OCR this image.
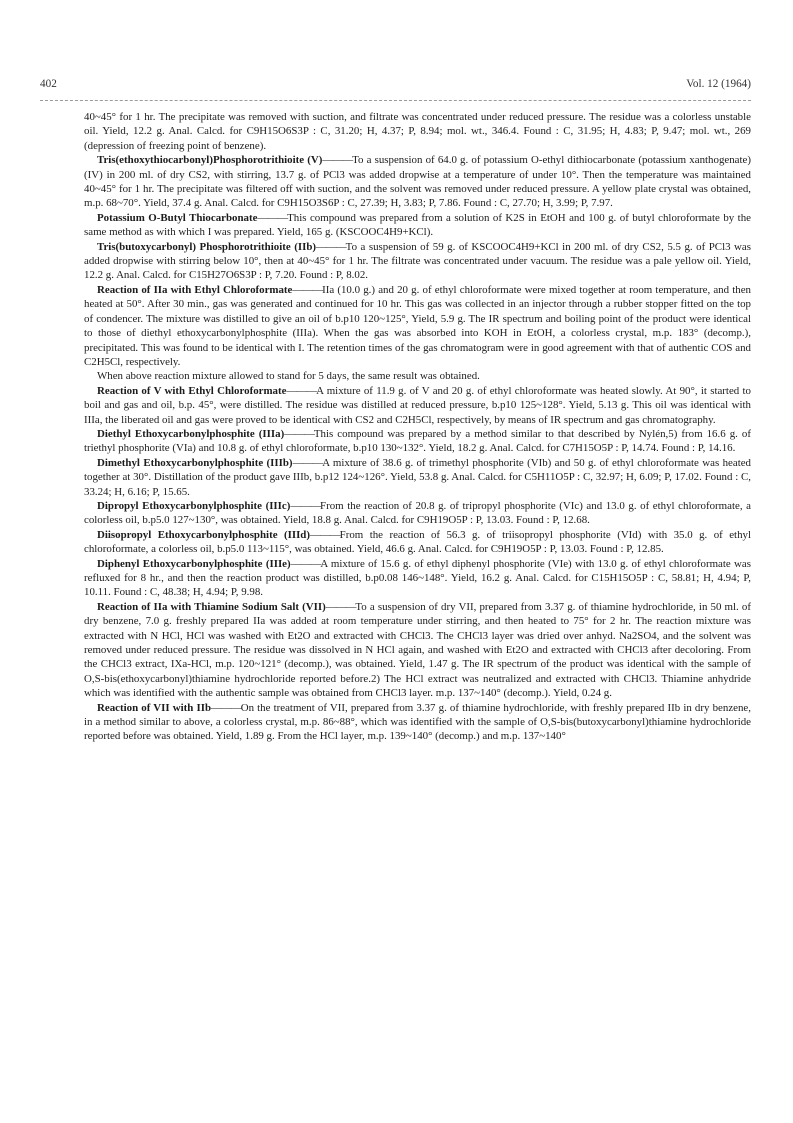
402	Vol. 12 (1964)

40~45° for 1 hr. The precipitate was removed with suction, and filtrate was concentrated under reduced pressure. The residue was a colorless unstable oil. Yield, 12.2 g. Anal. Calcd. for C9H15O6S3P : C, 31.20; H, 4.37; P, 8.94; mol. wt., 346.4. Found : C, 31.95; H, 4.83; P, 9.47; mol. wt., 269 (depression of freezing point of benzene).

Tris(ethoxythiocarbonyl)Phosphorotrithioite (V)———To a suspension of 64.0 g. of potassium O-ethyl dithiocarbonate (potassium xanthogenate) (IV) in 200 ml. of dry CS2, with stirring, 13.7 g. of PCl3 was added dropwise at a temperature of under 10°. Then the temperature was maintained 40~45° for 1 hr. The precipitate was filtered off with suction, and the solvent was removed under reduced pressure. A yellow plate crystal was obtained, m.p. 68~70°. Yield, 37.4 g. Anal. Calcd. for C9H15O3S6P : C, 27.39; H, 3.83; P, 7.86. Found : C, 27.70; H, 3.99; P, 7.97.

Potassium O-Butyl Thiocarbonate———This compound was prepared from a solution of K2S in EtOH and 100 g. of butyl chloroformate by the same method as with which I was prepared. Yield, 165 g. (KSCOOC4H9+KCl).

Tris(butoxycarbonyl) Phosphorotrithioite (IIb)———To a suspension of 59 g. of KSCOOC4H9+KCl in 200 ml. of dry CS2, 5.5 g. of PCl3 was added dropwise with stirring below 10°, then at 40~45° for 1 hr. The filtrate was concentrated under vacuum. The residue was a pale yellow oil. Yield, 12.2 g. Anal. Calcd. for C15H27O6S3P : P, 7.20. Found : P, 8.02.

Reaction of IIa with Ethyl Chloroformate———IIa (10.0 g.) and 20 g. of ethyl chloroformate were mixed together at room temperature, and then heated at 50°. After 30 min., gas was generated and continued for 10 hr. This gas was collected in an injector through a rubber stopper fitted on the top of condencer. The mixture was distilled to give an oil of b.p10 120~125°, Yield, 5.9 g. The IR spectrum and boiling point of the product were identical to those of diethyl ethoxycarbonylphosphite (IIIa). When the gas was absorbed into KOH in EtOH, a colorless crystal, m.p. 183° (decomp.), precipitated. This was found to be identical with I. The retention times of the gas chromatogram were in good agreement with that of authentic COS and C2H5Cl, respectively.

When above reaction mixture allowed to stand for 5 days, the same result was obtained.

Reaction of V with Ethyl Chloroformate———A mixture of 11.9 g. of V and 20 g. of ethyl chloroformate was heated slowly. At 90°, it started to boil and gas and oil, b.p. 45°, were distilled. The residue was distilled at reduced pressure, b.p10 125~128°. Yield, 5.13 g. This oil was identical with IIIa, the liberated oil and gas were proved to be identical with CS2 and C2H5Cl, respectively, by means of IR spectrum and gas chromatography.

Diethyl Ethoxycarbonylphosphite (IIIa)———This compound was prepared by a method similar to that described by Nylén,5) from 16.6 g. of triethyl phosphorite (VIa) and 10.8 g. of ethyl chloroformate, b.p10 130~132°. Yield, 18.2 g. Anal. Calcd. for C7H15O5P : P, 14.74. Found : P, 14.16.

Dimethyl Ethoxycarbonylphosphite (IIIb)———A mixture of 38.6 g. of trimethyl phosphorite (VIb) and 50 g. of ethyl chloroformate was heated together at 30°. Distillation of the product gave IIIb, b.p12 124~126°. Yield, 53.8 g. Anal. Calcd. for C5H11O5P : C, 32.97; H, 6.09; P, 17.02. Found : C, 33.24; H, 6.16; P, 15.65.

Dipropyl Ethoxycarbonylphosphite (IIIc)———From the reaction of 20.8 g. of tripropyl phosphorite (VIc) and 13.0 g. of ethyl chloroformate, a colorless oil, b.p5.0 127~130°, was obtained. Yield, 18.8 g. Anal. Calcd. for C9H19O5P : P, 13.03. Found : P, 12.68.

Diisopropyl Ethoxycarbonylphosphite (IIId)———From the reaction of 56.3 g. of triisopropyl phosphorite (VId) with 35.0 g. of ethyl chloroformate, a colorless oil, b.p5.0 113~115°, was obtained. Yield, 46.6 g. Anal. Calcd. for C9H19O5P : P, 13.03. Found : P, 12.85.

Diphenyl Ethoxycarbonylphosphite (IIIe)———A mixture of 15.6 g. of ethyl diphenyl phosphorite (VIe) with 13.0 g. of ethyl chloroformate was refluxed for 8 hr., and then the reaction product was distilled, b.p0.08 146~148°. Yield, 16.2 g. Anal. Calcd. for C15H15O5P : C, 58.81; H, 4.94; P, 10.11. Found : C, 48.38; H, 4.94; P, 9.98.

Reaction of IIa with Thiamine Sodium Salt (VII)———To a suspension of dry VII, prepared from 3.37 g. of thiamine hydrochloride, in 50 ml. of dry benzene, 7.0 g. freshly prepared IIa was added at room temperature under stirring, and then heated to 75° for 2 hr. The reaction mixture was extracted with N HCl, HCl was washed with Et2O and extracted with CHCl3. The CHCl3 layer was dried over anhyd. Na2SO4, and the solvent was removed under reduced pressure. The residue was dissolved in N HCl again, and washed with Et2O and extracted with CHCl3 after decoloring. From the CHCl3 extract, IXa-HCl, m.p. 120~121° (decomp.), was obtained. Yield, 1.47 g. The IR spectrum of the product was identical with the sample of O,S-bis(ethoxycarbonyl)thiamine hydrochloride reported before.2) The HCl extract was neutralized and extracted with CHCl3. Thiamine anhydride which was identified with the authentic sample was obtained from CHCl3 layer. m.p. 137~140° (decomp.). Yield, 0.24 g.

Reaction of VII with IIb———On the treatment of VII, prepared from 3.37 g. of thiamine hydrochloride, with freshly prepared IIb in dry benzene, in a method similar to above, a colorless crystal, m.p. 86~88°, which was identified with the sample of O,S-bis(butoxycarbonyl)thiamine hydrochloride reported before was obtained. Yield, 1.89 g. From the HCl layer, m.p. 139~140° (decomp.) and m.p. 137~140°
